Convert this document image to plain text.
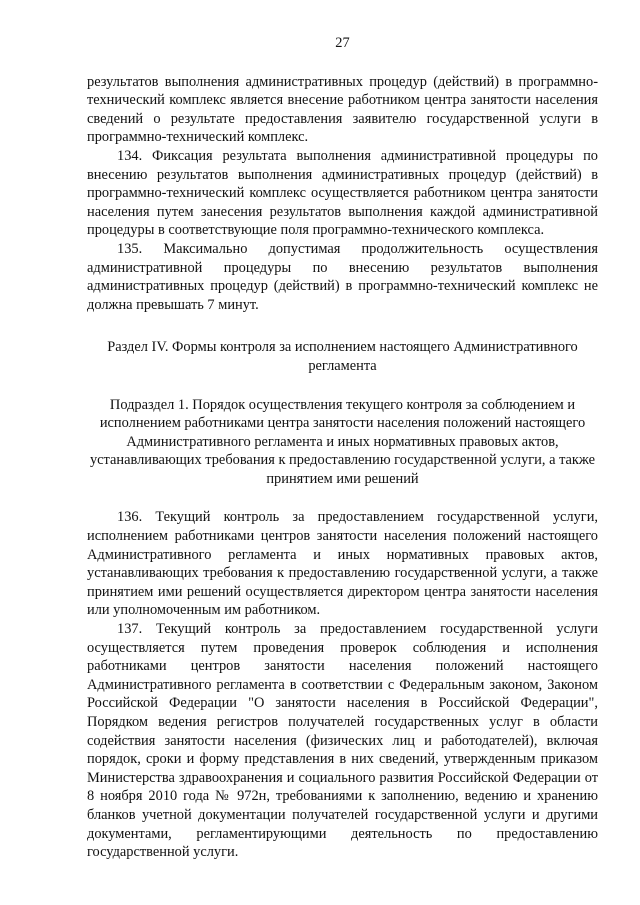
27

результатов выполнения административных процедур (действий) в программно-технический комплекс является внесение работником центра занятости населения сведений о результате предоставления заявителю государственной услуги в программно-технический комплекс.

134. Фиксация результата выполнения административной процедуры по внесению результатов выполнения административных процедур (действий) в программно-технический комплекс осуществляется работником центра занятости населения путем занесения результатов выполнения каждой административной процедуры в соответствующие поля программно-технического комплекса.

135. Максимально допустимая продолжительность осуществления административной процедуры по внесению результатов выполнения административных процедур (действий) в программно-технический комплекс не должна превышать 7 минут.

Раздел IV. Формы контроля за исполнением настоящего Административного регламента
Подраздел 1. Порядок осуществления текущего контроля за соблюдением и исполнением работниками центра занятости населения положений настоящего Административного регламента и иных нормативных правовых актов, устанавливающих требования к предоставлению государственной услуги, а также принятием ими решений

136. Текущий контроль за предоставлением государственной услуги, исполнением работниками центров занятости населения положений настоящего Административного регламента и иных нормативных правовых актов, устанавливающих требования к предоставлению государственной услуги, а также принятием ими решений осуществляется директором центра занятости населения или уполномоченным им работником.

137. Текущий контроль за предоставлением государственной услуги осуществляется путем проведения проверок соблюдения и исполнения работниками центров занятости населения положений настоящего Административного регламента в соответствии с Федеральным законом, Законом Российской Федерации "О занятости населения в Российской Федерации", Порядком ведения регистров получателей государственных услуг в области содействия занятости населения (физических лиц и работодателей), включая порядок, сроки и форму представления в них сведений, утвержденным приказом Министерства здравоохранения и социального развития Российской Федерации от 8 ноября 2010 года № 972н, требованиями к заполнению, ведению и хранению бланков учетной документации получателей государственной услуги и другими документами, регламентирующими деятельность по предоставлению государственной услуги.
